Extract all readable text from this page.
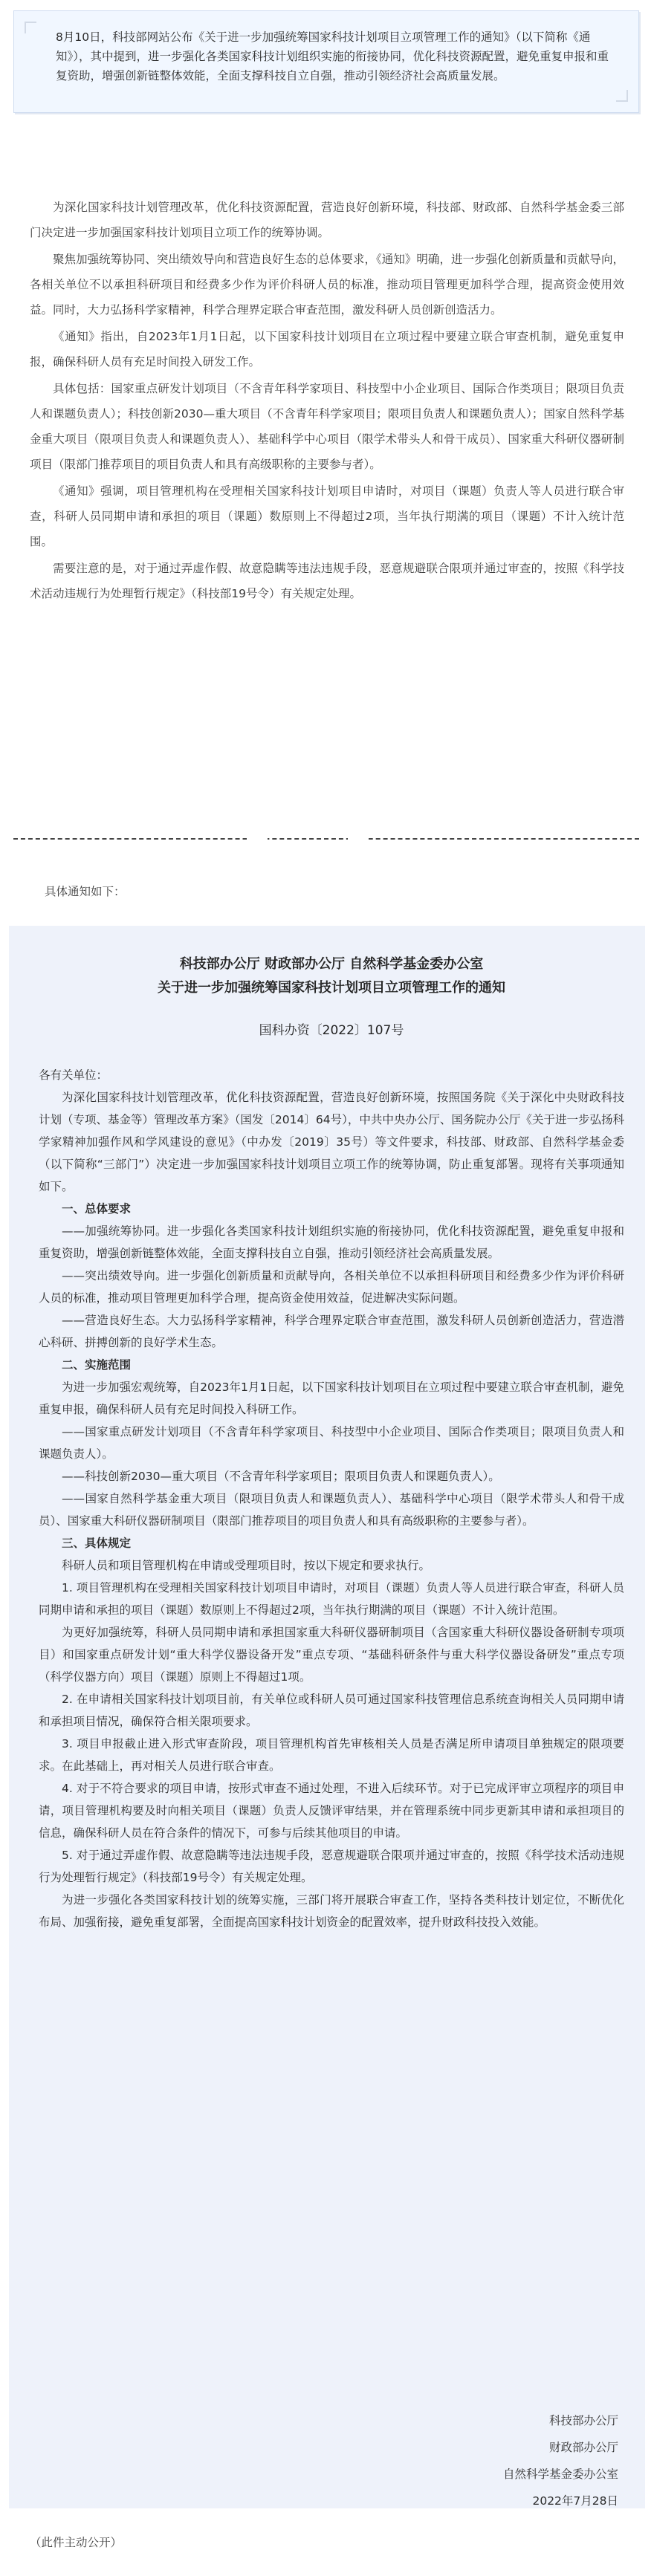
8月10日，科技部网站公布《关于进一步加强统筹国家科技计划项目立项管理工作的通知》（以下简称《通知》），其中提到，进一步强化各类国家科技计划组织实施的衔接协同，优化科技资源配置，避免重复申报和重复资助，增强创新链整体效能，全面支撑科技自立自强，推动引领经济社会高质量发展。

为深化国家科技计划管理改革，优化科技资源配置，营造良好创新环境，科技部、财政部、自然科学基金委三部门决定进一步加强国家科技计划项目立项工作的统筹协调。

聚焦加强统筹协同、突出绩效导向和营造良好生态的总体要求，《通知》明确，进一步强化创新质量和贡献导向，各相关单位不以承担科研项目和经费多少作为评价科研人员的标准，推动项目管理更加科学合理，提高资金使用效益。同时，大力弘扬科学家精神，科学合理界定联合审查范围，激发科研人员创新创造活力。

《通知》指出，自2023年1月1日起，以下国家科技计划项目在立项过程中要建立联合审查机制，避免重复申报，确保科研人员有充足时间投入研发工作。

具体包括：国家重点研发计划项目（不含青年科学家项目、科技型中小企业项目、国际合作类项目；限项目负责人和课题负责人）；科技创新2030—重大项目（不含青年科学家项目；限项目负责人和课题负责人）；国家自然科学基金重大项目（限项目负责人和课题负责人）、基础科学中心项目（限学术带头人和骨干成员）、国家重大科研仪器研制项目（限部门推荐项目的项目负责人和具有高级职称的主要参与者）。

《通知》强调，项目管理机构在受理相关国家科技计划项目申请时，对项目（课题）负责人等人员进行联合审查，科研人员同期申请和承担的项目（课题）数原则上不得超过2项，当年执行期满的项目（课题）不计入统计范围。

需要注意的是，对于通过弄虚作假、故意隐瞒等违法违规手段，恶意规避联合限项并通过审查的，按照《科学技术活动违规行为处理暂行规定》（科技部19号令）有关规定处理。

具体通知如下：

科技部办公厅 财政部办公厅 自然科学基金委办公室

关于进一步加强统筹国家科技计划项目立项管理工作的通知

国科办资〔2022〕107号

各有关单位：

为深化国家科技计划管理改革，优化科技资源配置，营造良好创新环境，按照国务院《关于深化中央财政科技计划（专项、基金等）管理改革方案》（国发〔2014〕64号），中共中央办公厅、国务院办公厅《关于进一步弘扬科学家精神加强作风和学风建设的意见》（中办发〔2019〕35号）等文件要求，科技部、财政部、自然科学基金委（以下简称“三部门”）决定进一步加强国家科技计划项目立项工作的统筹协调，防止重复部署。现将有关事项通知如下。

一、总体要求

——加强统筹协同。进一步强化各类国家科技计划组织实施的衔接协同，优化科技资源配置，避免重复申报和重复资助，增强创新链整体效能，全面支撑科技自立自强，推动引领经济社会高质量发展。

——突出绩效导向。进一步强化创新质量和贡献导向，各相关单位不以承担科研项目和经费多少作为评价科研人员的标准，推动项目管理更加科学合理，提高资金使用效益，促进解决实际问题。

——营造良好生态。大力弘扬科学家精神，科学合理界定联合审查范围，激发科研人员创新创造活力，营造潜心科研、拼搏创新的良好学术生态。

二、实施范围

为进一步加强宏观统筹，自2023年1月1日起，以下国家科技计划项目在立项过程中要建立联合审查机制，避免重复申报，确保科研人员有充足时间投入科研工作。

——国家重点研发计划项目（不含青年科学家项目、科技型中小企业项目、国际合作类项目；限项目负责人和课题负责人）。

——科技创新2030—重大项目（不含青年科学家项目；限项目负责人和课题负责人）。

——国家自然科学基金重大项目（限项目负责人和课题负责人）、基础科学中心项目（限学术带头人和骨干成员）、国家重大科研仪器研制项目（限部门推荐项目的项目负责人和具有高级职称的主要参与者）。

三、具体规定

科研人员和项目管理机构在申请或受理项目时，按以下规定和要求执行。

1. 项目管理机构在受理相关国家科技计划项目申请时，对项目（课题）负责人等人员进行联合审查，科研人员同期申请和承担的项目（课题）数原则上不得超过2项，当年执行期满的项目（课题）不计入统计范围。

为更好加强统筹，科研人员同期申请和承担国家重大科研仪器研制项目（含国家重大科研仪器设备研制专项项目）和国家重点研发计划“重大科学仪器设备开发”重点专项、“基础科研条件与重大科学仪器设备研发”重点专项（科学仪器方向）项目（课题）原则上不得超过1项。

2. 在申请相关国家科技计划项目前，有关单位或科研人员可通过国家科技管理信息系统查询相关人员同期申请和承担项目情况，确保符合相关限项要求。

3. 项目申报截止进入形式审查阶段，项目管理机构首先审核相关人员是否满足所申请项目单独规定的限项要求。在此基础上，再对相关人员进行联合审查。

4. 对于不符合要求的项目申请，按形式审查不通过处理，不进入后续环节。对于已完成评审立项程序的项目申请，项目管理机构要及时向相关项目（课题）负责人反馈评审结果，并在管理系统中同步更新其申请和承担项目的信息，确保科研人员在符合条件的情况下，可参与后续其他项目的申请。

5. 对于通过弄虚作假、故意隐瞒等违法违规手段，恶意规避联合限项并通过审查的，按照《科学技术活动违规行为处理暂行规定》（科技部19号令）有关规定处理。

为进一步强化各类国家科技计划的统筹实施，三部门将开展联合审查工作，坚持各类科技计划定位，不断优化布局、加强衔接，避免重复部署，全面提高国家科技计划资金的配置效率，提升财政科技投入效能。

科技部办公厅
财政部办公厅
自然科学基金委办公室
2022年7月28日

（此件主动公开）
